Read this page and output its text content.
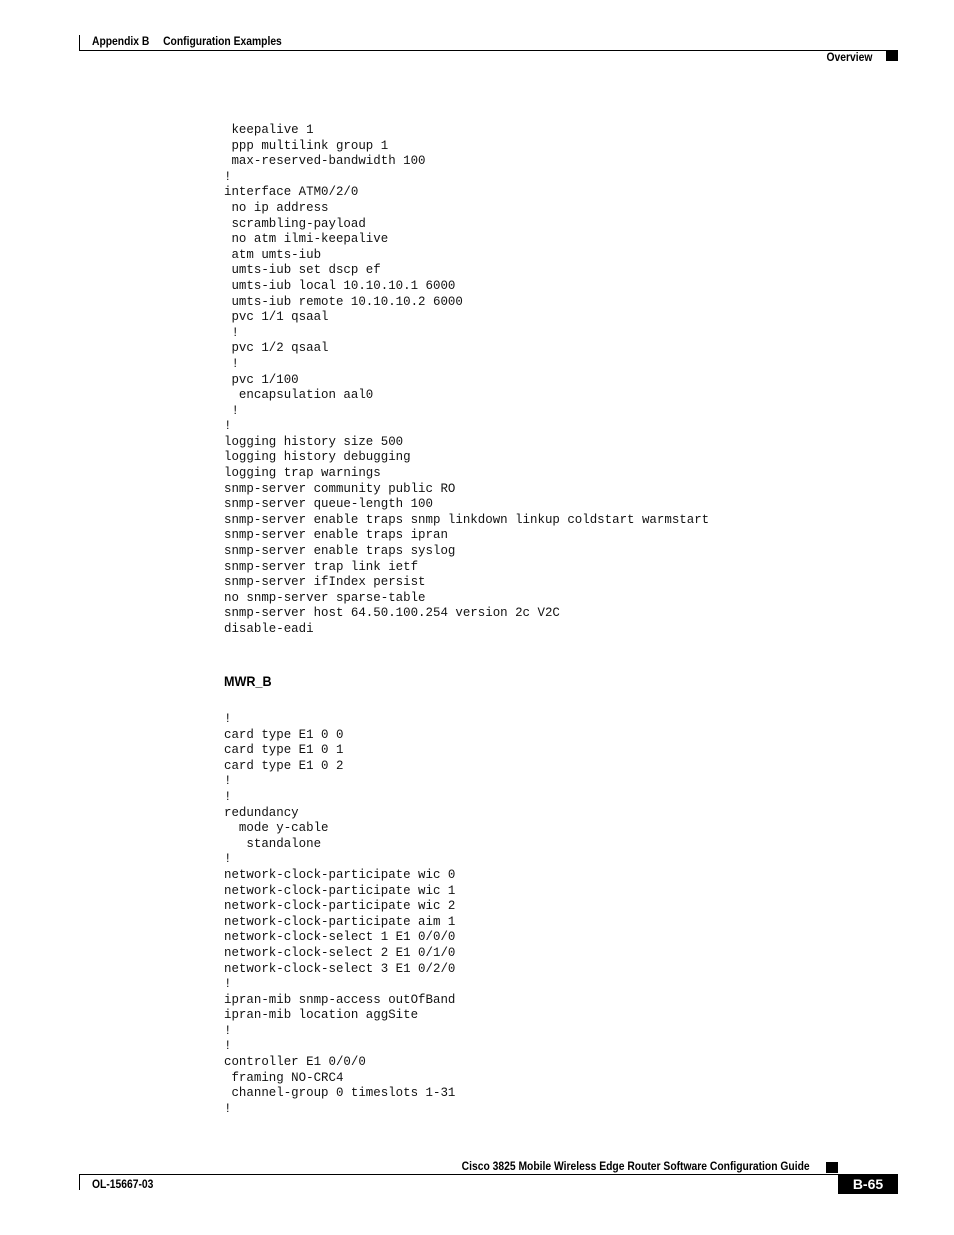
Appendix B Configuration Examples
Overview
keepalive 1
ppp multilink group 1
max-reserved-bandwidth 100
!
interface ATM0/2/0
no ip address
scrambling-payload
no atm ilmi-keepalive
atm umts-iub
umts-iub set dscp ef
umts-iub local 10.10.10.1 6000
umts-iub remote 10.10.10.2 6000
pvc 1/1 qsaal
!
pvc 1/2 qsaal
!
pvc 1/100
encapsulation aal0
!
!
logging history size 500
logging history debugging
logging trap warnings
snmp-server community public RO
snmp-server queue-length 100
snmp-server enable traps snmp linkdown linkup coldstart warmstart
snmp-server enable traps ipran
snmp-server enable traps syslog
snmp-server trap link ietf
snmp-server ifIndex persist
no snmp-server sparse-table
snmp-server host 64.50.100.254 version 2c V2C
disable-eadi
MWR_B
!
card type E1 0 0
card type E1 0 1
card type E1 0 2
!
!
redundancy
mode y-cable
standalone
!
network-clock-participate wic 0
network-clock-participate wic 1
network-clock-participate wic 2
network-clock-participate aim 1
network-clock-select 1 E1 0/0/0
network-clock-select 2 E1 0/1/0
network-clock-select 3 E1 0/2/0
!
ipran-mib snmp-access outOfBand
ipran-mib location aggSite
!
!
controller E1 0/0/0
framing NO-CRC4
channel-group 0 timeslots 1-31
!
Cisco 3825 Mobile Wireless Edge Router Software Configuration Guide
OL-15667-03	B-65
